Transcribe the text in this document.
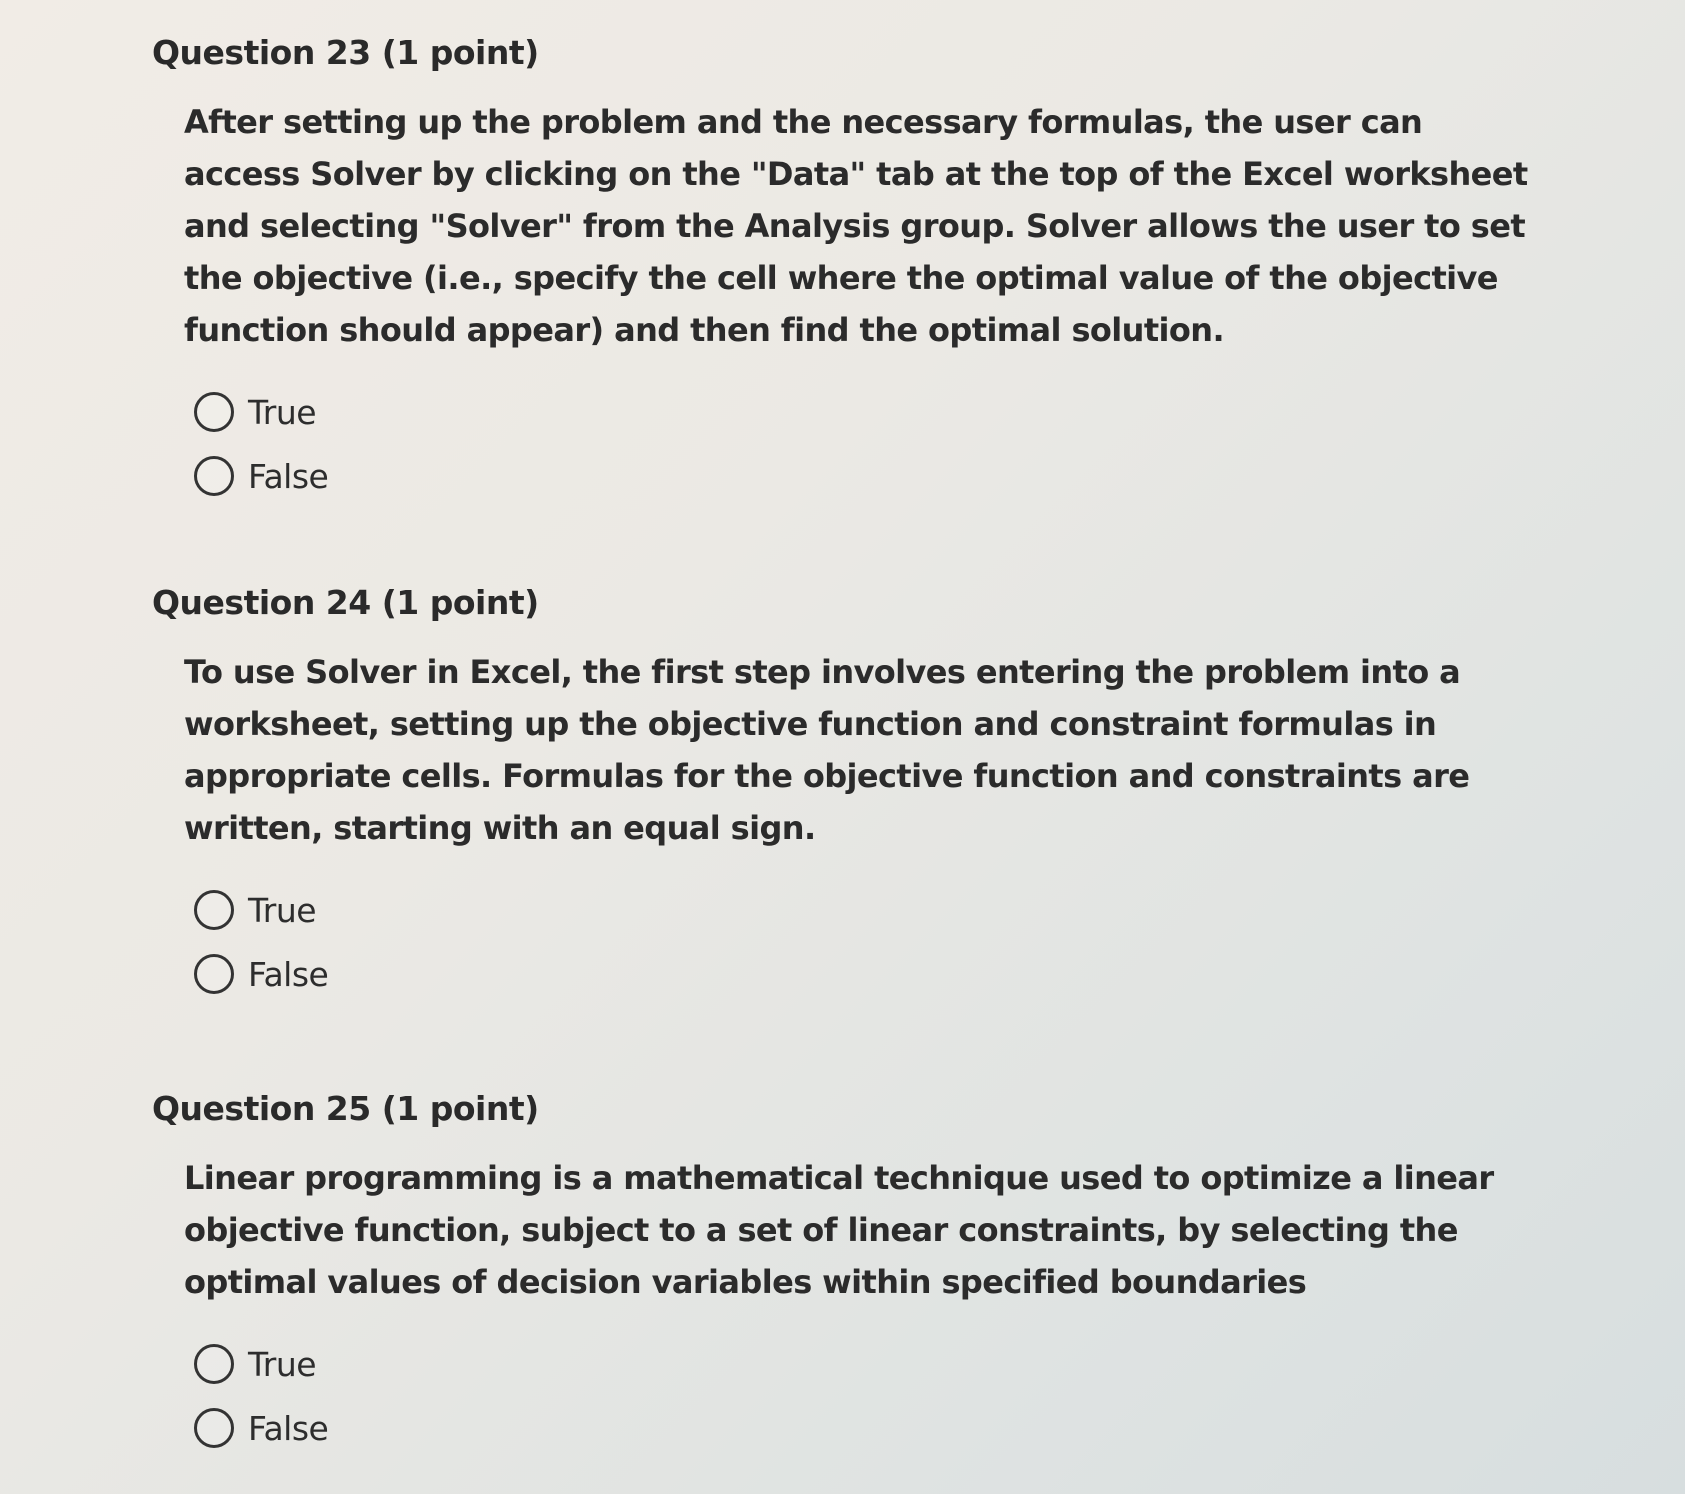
Question 23 (1 point)

After setting up the problem and the necessary formulas, the user can access Solver by clicking on the "Data" tab at the top of the Excel worksheet and selecting "Solver" from the Analysis group. Solver allows the user to set the objective (i.e., specify the cell where the optimal value of the objective function should appear) and then find the optimal solution.

True
False
Question 24 (1 point)

To use Solver in Excel, the first step involves entering the problem into a worksheet, setting up the objective function and constraint formulas in appropriate cells. Formulas for the objective function and constraints are written, starting with an equal sign.

True
False
Question 25 (1 point)

Linear programming is a mathematical technique used to optimize a linear objective function, subject to a set of linear constraints, by selecting the optimal values of decision variables within specified boundaries

True
False
